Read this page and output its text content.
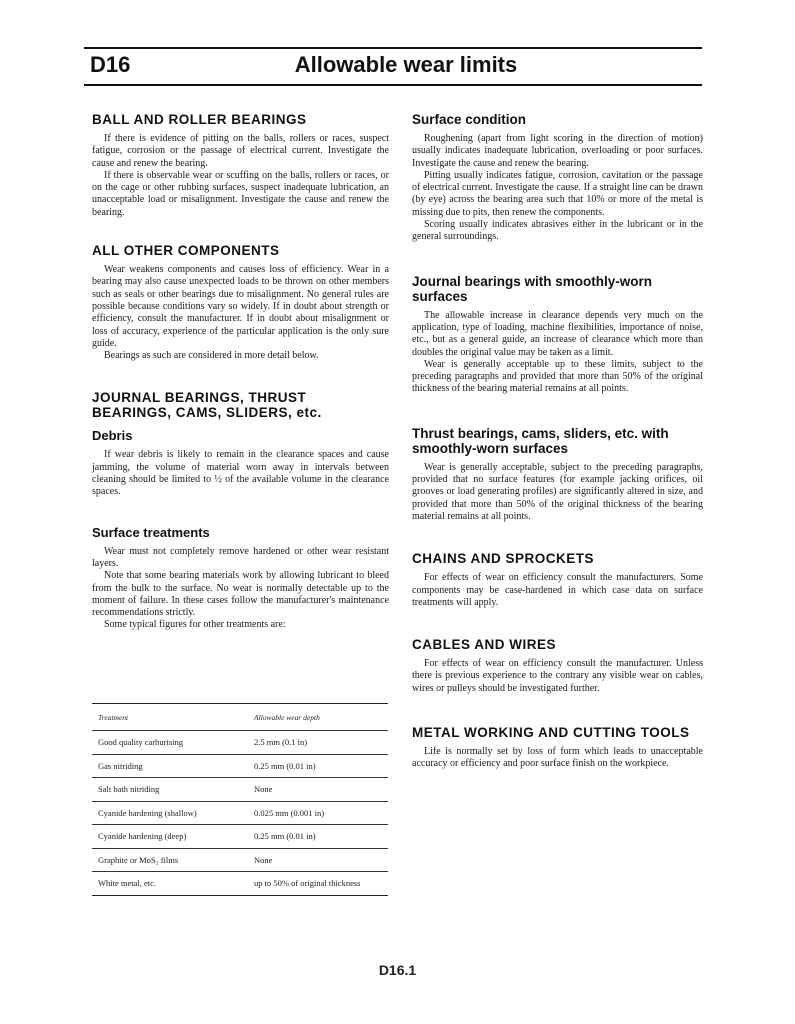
D16	Allowable wear limits
BALL AND ROLLER BEARINGS

If there is evidence of pitting on the balls, rollers or races, suspect fatigue, corrosion or the passage of electrical current. Investigate the cause and renew the bearing.

If there is observable wear or scuffing on the balls, rollers or races, or on the cage or other rubbing surfaces, suspect inadequate lubrication, an unacceptable load or misalignment. Investigate the cause and renew the bearing.

ALL OTHER COMPONENTS

Wear weakens components and causes loss of efficiency. Wear in a bearing may also cause unexpected loads to be thrown on other members such as seals or other bearings due to misalignment. No general rules are possible because conditions vary so widely. If in doubt about strength or efficiency, consult the manufacturer. If in doubt about misalignment or loss of accuracy, experience of the particular application is the only sure guide.

Bearings as such are considered in more detail below.

JOURNAL BEARINGS, THRUST BEARINGS, CAMS, SLIDERS, etc.
Debris

If wear debris is likely to remain in the clearance spaces and cause jamming, the volume of material worn away in intervals between cleaning should be limited to ½ of the available volume in the clearance spaces.

Surface treatments

Wear must not completely remove hardened or other wear resistant layers.

Note that some bearing materials work by allowing lubricant to bleed from the bulk to the surface. No wear is normally detectable up to the moment of failure. In these cases follow the manufacturer's maintenance recommendations strictly.

Some typical figures for other treatments are:

Treatment	Allowable wear depth
Good quality carburising	2.5 mm (0.1 in)
Gas nitriding	0.25 mm (0.01 in)
Salt bath nitriding	None
Cyanide hardening (shallow)	0.025 mm (0.001 in)
Cyanide hardening (deep)	0.25 mm (0.01 in)
Graphite or MoS₂ films	None
White metal, etc.	up to 50% of original thickness
Surface condition

Roughening (apart from light scoring in the direction of motion) usually indicates inadequate lubrication, overloading or poor surfaces. Investigate the cause and renew the bearing.

Pitting usually indicates fatigue, corrosion, cavitation or the passage of electrical current. Investigate the cause. If a straight line can be drawn (by eye) across the bearing area such that 10% or more of the metal is missing due to pits, then renew the components.

Scoring usually indicates abrasives either in the lubricant or in the general surroundings.

Journal bearings with smoothly-worn surfaces

The allowable increase in clearance depends very much on the application, type of loading, machine flexibilities, importance of noise, etc., but as a general guide, an increase of clearance which more than doubles the original value may be taken as a limit.

Wear is generally acceptable up to these limits, subject to the preceding paragraphs and provided that more than 50% of the original thickness of the bearing material remains at all points.

Thrust bearings, cams, sliders, etc. with smoothly-worn surfaces

Wear is generally acceptable, subject to the preceding paragraphs, provided that no surface features (for example jacking orifices, oil grooves or load generating profiles) are significantly altered in size, and provided that more than 50% of the original thickness of the bearing material remains at all points.

CHAINS AND SPROCKETS

For effects of wear on efficiency consult the manufacturers. Some components may be case-hardened in which case data on surface treatments will apply.

CABLES AND WIRES

For effects of wear on efficiency consult the manufacturer. Unless there is previous experience to the contrary any visible wear on cables, wires or pulleys should be investigated further.

METAL WORKING AND CUTTING TOOLS

Life is normally set by loss of form which leads to unacceptable accuracy or efficiency and poor surface finish on the workpiece.

D16.1
